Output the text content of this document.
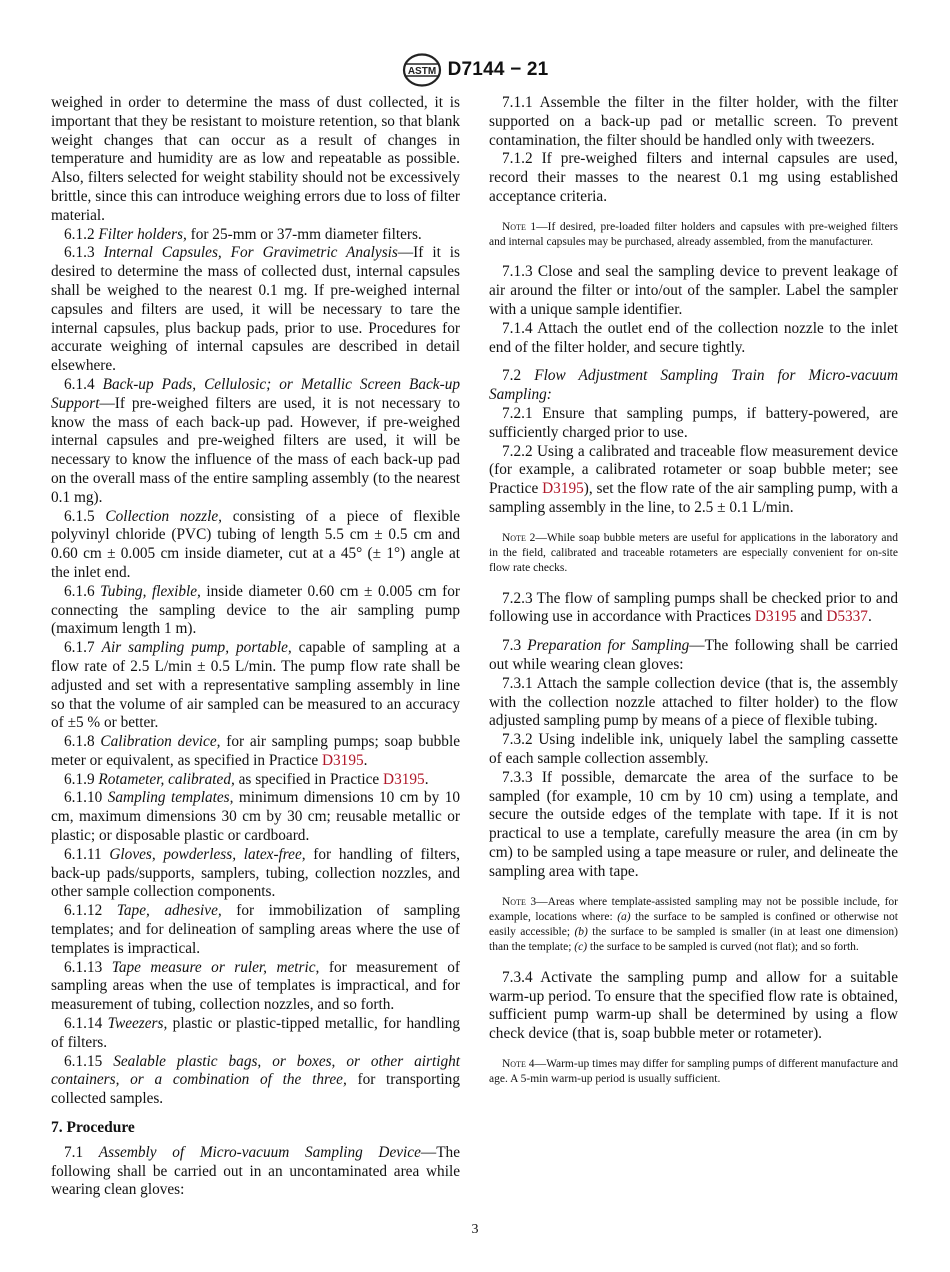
ASTM D7144 − 21

weighed in order to determine the mass of dust collected, it is important that they be resistant to moisture retention, so that blank weight changes that can occur as a result of changes in temperature and humidity are as low and repeatable as possible. Also, filters selected for weight stability should not be excessively brittle, since this can introduce weighing errors due to loss of filter material.

6.1.2 Filter holders, for 25-mm or 37-mm diameter filters.

6.1.3 Internal Capsules, For Gravimetric Analysis—If it is desired to determine the mass of collected dust, internal capsules shall be weighed to the nearest 0.1 mg. If pre-weighed internal capsules and filters are used, it will be necessary to tare the internal capsules, plus backup pads, prior to use. Procedures for accurate weighing of internal capsules are described in detail elsewhere.

6.1.4 Back-up Pads, Cellulosic; or Metallic Screen Back-up Support—If pre-weighed filters are used, it is not necessary to know the mass of each back-up pad. However, if pre-weighed internal capsules and pre-weighed filters are used, it will be necessary to know the influence of the mass of each back-up pad on the overall mass of the entire sampling assembly (to the nearest 0.1 mg).

6.1.5 Collection nozzle, consisting of a piece of flexible polyvinyl chloride (PVC) tubing of length 5.5 cm ± 0.5 cm and 0.60 cm ± 0.005 cm inside diameter, cut at a 45° (± 1°) angle at the inlet end.

6.1.6 Tubing, flexible, inside diameter 0.60 cm ± 0.005 cm for connecting the sampling device to the air sampling pump (maximum length 1 m).

6.1.7 Air sampling pump, portable, capable of sampling at a flow rate of 2.5 L/min ± 0.5 L/min. The pump flow rate shall be adjusted and set with a representative sampling assembly in line so that the volume of air sampled can be measured to an accuracy of ±5 % or better.

6.1.8 Calibration device, for air sampling pumps; soap bubble meter or equivalent, as specified in Practice D3195.

6.1.9 Rotameter, calibrated, as specified in Practice D3195.

6.1.10 Sampling templates, minimum dimensions 10 cm by 10 cm, maximum dimensions 30 cm by 30 cm; reusable metallic or plastic; or disposable plastic or cardboard.

6.1.11 Gloves, powderless, latex-free, for handling of filters, back-up pads/supports, samplers, tubing, collection nozzles, and other sample collection components.

6.1.12 Tape, adhesive, for immobilization of sampling templates; and for delineation of sampling areas where the use of templates is impractical.

6.1.13 Tape measure or ruler, metric, for measurement of sampling areas when the use of templates is impractical, and for measurement of tubing, collection nozzles, and so forth.

6.1.14 Tweezers, plastic or plastic-tipped metallic, for handling of filters.

6.1.15 Sealable plastic bags, or boxes, or other airtight containers, or a combination of the three, for transporting collected samples.

7. Procedure

7.1 Assembly of Micro-vacuum Sampling Device—The following shall be carried out in an uncontaminated area while wearing clean gloves:

7.1.1 Assemble the filter in the filter holder, with the filter supported on a back-up pad or metallic screen. To prevent contamination, the filter should be handled only with tweezers.

7.1.2 If pre-weighed filters and internal capsules are used, record their masses to the nearest 0.1 mg using established acceptance criteria.

Note 1—If desired, pre-loaded filter holders and capsules with pre-weighed filters and internal capsules may be purchased, already assembled, from the manufacturer.

7.1.3 Close and seal the sampling device to prevent leakage of air around the filter or into/out of the sampler. Label the sampler with a unique sample identifier.

7.1.4 Attach the outlet end of the collection nozzle to the inlet end of the filter holder, and secure tightly.

7.2 Flow Adjustment Sampling Train for Micro-vacuum Sampling:

7.2.1 Ensure that sampling pumps, if battery-powered, are sufficiently charged prior to use.

7.2.2 Using a calibrated and traceable flow measurement device (for example, a calibrated rotameter or soap bubble meter; see Practice D3195), set the flow rate of the air sampling pump, with a sampling assembly in the line, to 2.5 ± 0.1 L/min.

Note 2—While soap bubble meters are useful for applications in the laboratory and in the field, calibrated and traceable rotameters are especially convenient for on-site flow rate checks.

7.2.3 The flow of sampling pumps shall be checked prior to and following use in accordance with Practices D3195 and D5337.

7.3 Preparation for Sampling—The following shall be carried out while wearing clean gloves:

7.3.1 Attach the sample collection device (that is, the assembly with the collection nozzle attached to filter holder) to the flow adjusted sampling pump by means of a piece of flexible tubing.

7.3.2 Using indelible ink, uniquely label the sampling cassette of each sample collection assembly.

7.3.3 If possible, demarcate the area of the surface to be sampled (for example, 10 cm by 10 cm) using a template, and secure the outside edges of the template with tape. If it is not practical to use a template, carefully measure the area (in cm by cm) to be sampled using a tape measure or ruler, and delineate the sampling area with tape.

Note 3—Areas where template-assisted sampling may not be possible include, for example, locations where: (a) the surface to be sampled is confined or otherwise not easily accessible; (b) the surface to be sampled is smaller (in at least one dimension) than the template; (c) the surface to be sampled is curved (not flat); and so forth.

7.3.4 Activate the sampling pump and allow for a suitable warm-up period. To ensure that the specified flow rate is obtained, sufficient pump warm-up shall be determined by using a flow check device (that is, soap bubble meter or rotameter).

Note 4—Warm-up times may differ for sampling pumps of different manufacture and age. A 5-min warm-up period is usually sufficient.

3
